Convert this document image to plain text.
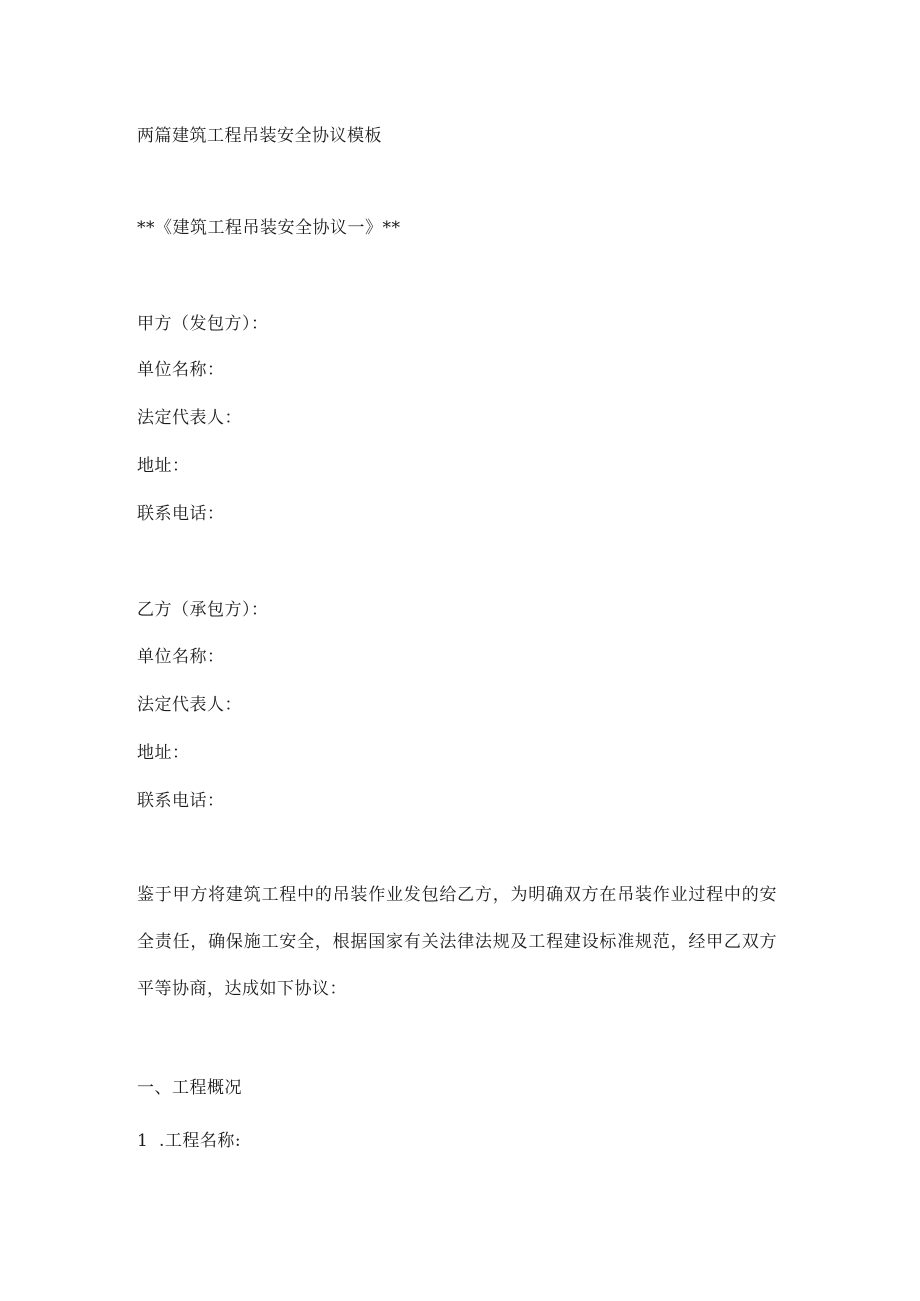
两篇建筑工程吊装安全协议模板
**《建筑工程吊装安全协议一》**
甲方（发包方）：
单位名称：
法定代表人：
地址：
联系电话：
乙方（承包方）：
单位名称：
法定代表人：
地址：
联系电话：
鉴于甲方将建筑工程中的吊装作业发包给乙方，为明确双方在吊装作业过程中的安全责任，确保施工安全，根据国家有关法律法规及工程建设标准规范，经甲乙双方平等协商，达成如下协议：
一、工程概况
1 .工程名称:
